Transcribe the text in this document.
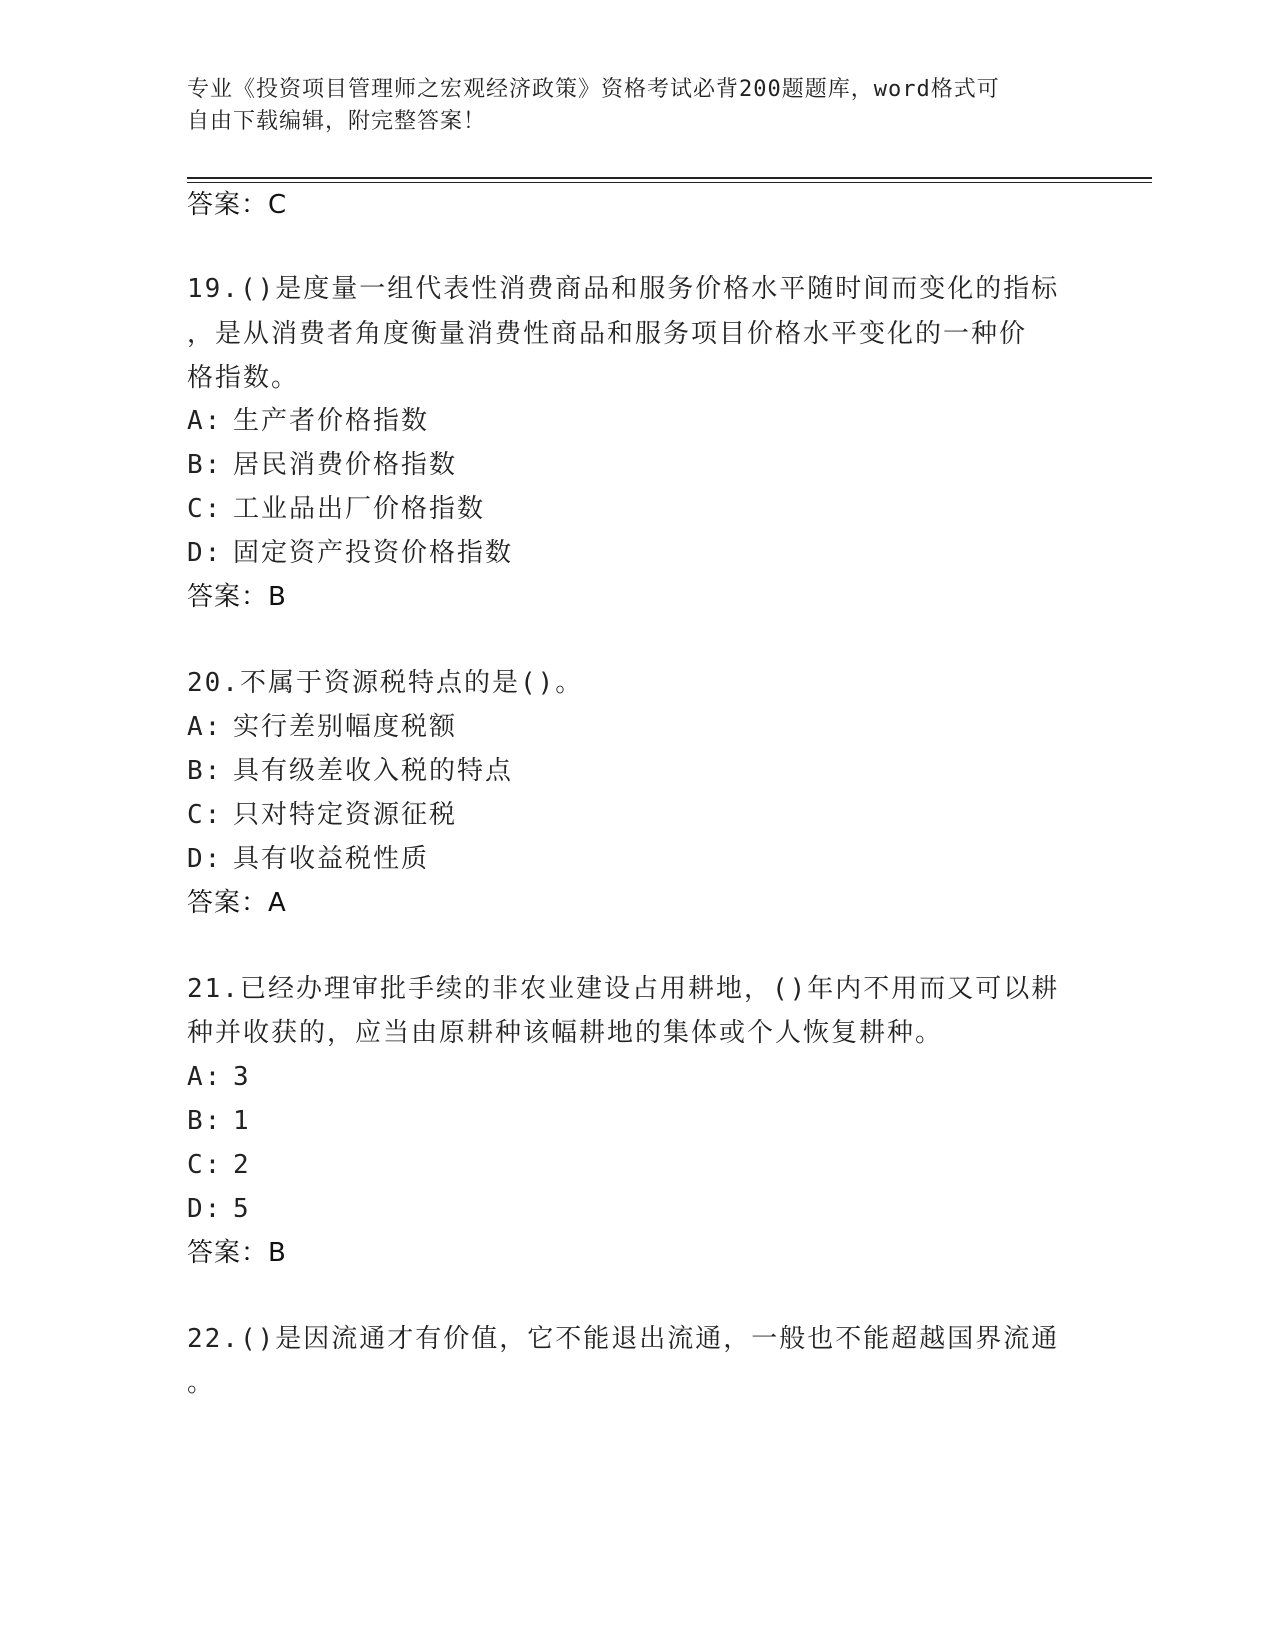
专业《投资项目管理师之宏观经济政策》资格考试必背200题题库，word格式可
自由下载编辑，附完整答案！
答案：C
19.()是度量一组代表性消费商品和服务价格水平随时间而变化的指标
，是从消费者角度衡量消费性商品和服务项目价格水平变化的一种价
格指数。
A: 生产者价格指数
B: 居民消费价格指数
C: 工业品出厂价格指数
D: 固定资产投资价格指数
答案：B
20.不属于资源税特点的是()。
A: 实行差别幅度税额
B: 具有级差收入税的特点
C: 只对特定资源征税
D: 具有收益税性质
答案：A
21.已经办理审批手续的非农业建设占用耕地，()年内不用而又可以耕
种并收获的，应当由原耕种该幅耕地的集体或个人恢复耕种。
A: 3
B: 1
C: 2
D: 5
答案：B
22.()是因流通才有价值，它不能退出流通，一般也不能超越国界流通
。
